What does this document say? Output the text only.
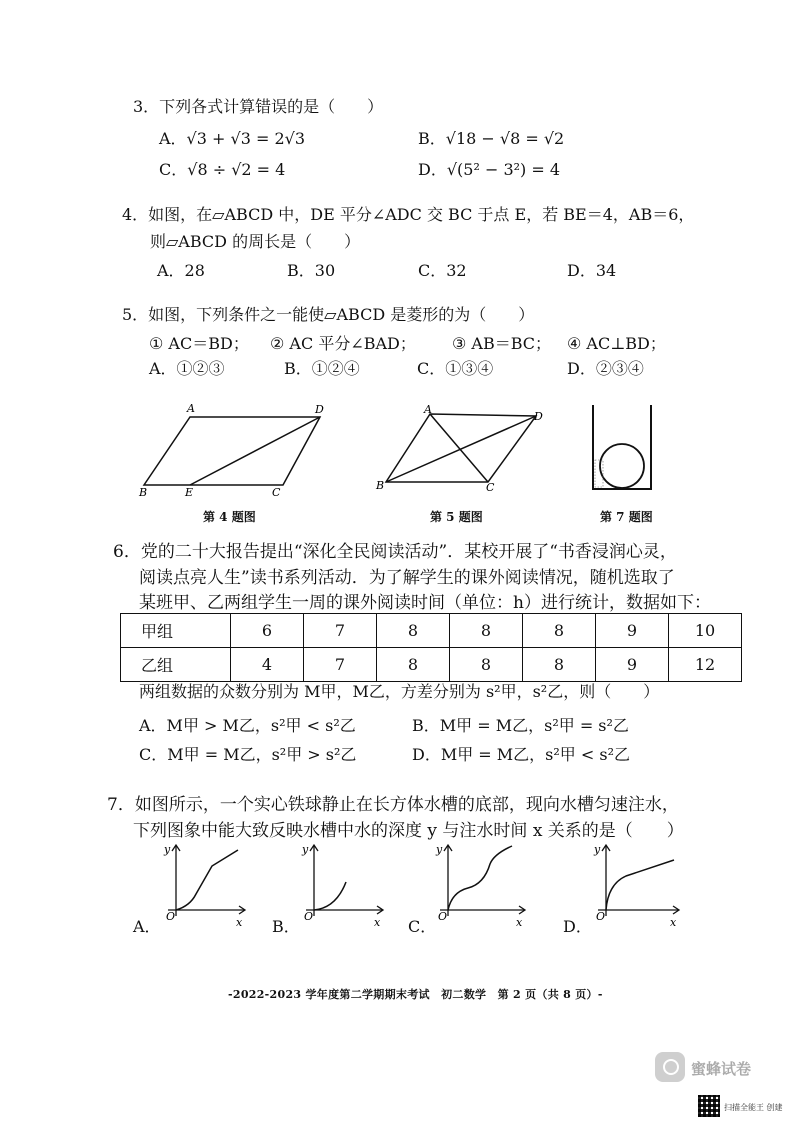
3．下列各式计算错误的是（　　）
A．√3 + √3 = 2√3	B．√18 − √8 = √2
C．√8 ÷ √2 = 4	D．√(5² − 3²) = 4
4．如图，在▱ABCD 中，DE 平分∠ADC 交 BC 于点 E，若 BE＝4，AB＝6，
则▱ABCD 的周长是（　　）
A．28	B．30	C．32	D．34
5．如图，下列条件之一能使▱ABCD 是菱形的为（　　）
① AC＝BD； ② AC 平分∠BAD； ③ AB＝BC； ④ AC⊥BD；
A．①②③	B．①②④	C．①③④	D．②③④
A	D
B	E	C
第 4 题图
A
D
B	C
第 5 题图	第 7 题图
6．党的二十大报告提出“深化全民阅读活动”．某校开展了“书香浸润心灵，
阅读点亮人生”读书系列活动．为了解学生的课外阅读情况，随机选取了
某班甲、乙两组学生一周的课外阅读时间（单位：h）进行统计，数据如下：
甲组	6	7	8	8	8	9	10
乙组	4	7	8	8	8	9	12
两组数据的众数分别为 M甲，M乙，方差分别为 s²甲，s²乙，则（　　）
A．M甲 > M乙，s²甲 < s²乙	B．M甲 = M乙，s²甲 = s²乙
C．M甲 = M乙，s²甲 > s²乙	D．M甲 = M乙，s²甲 < s²乙
7．如图所示，一个实心铁球静止在长方体水槽的底部，现向水槽匀速注水，
下列图象中能大致反映水槽中水的深度 y 与注水时间 x 关系的是（　　）
A．
y
x
O
B．
y
x
O
C．
y
x
O
D．
y
x
O
-2022-2023 学年度第二学期期末考试　初二数学　第 2 页（共 8 页）-
蜜蜂试卷
扫描全能王 创建
